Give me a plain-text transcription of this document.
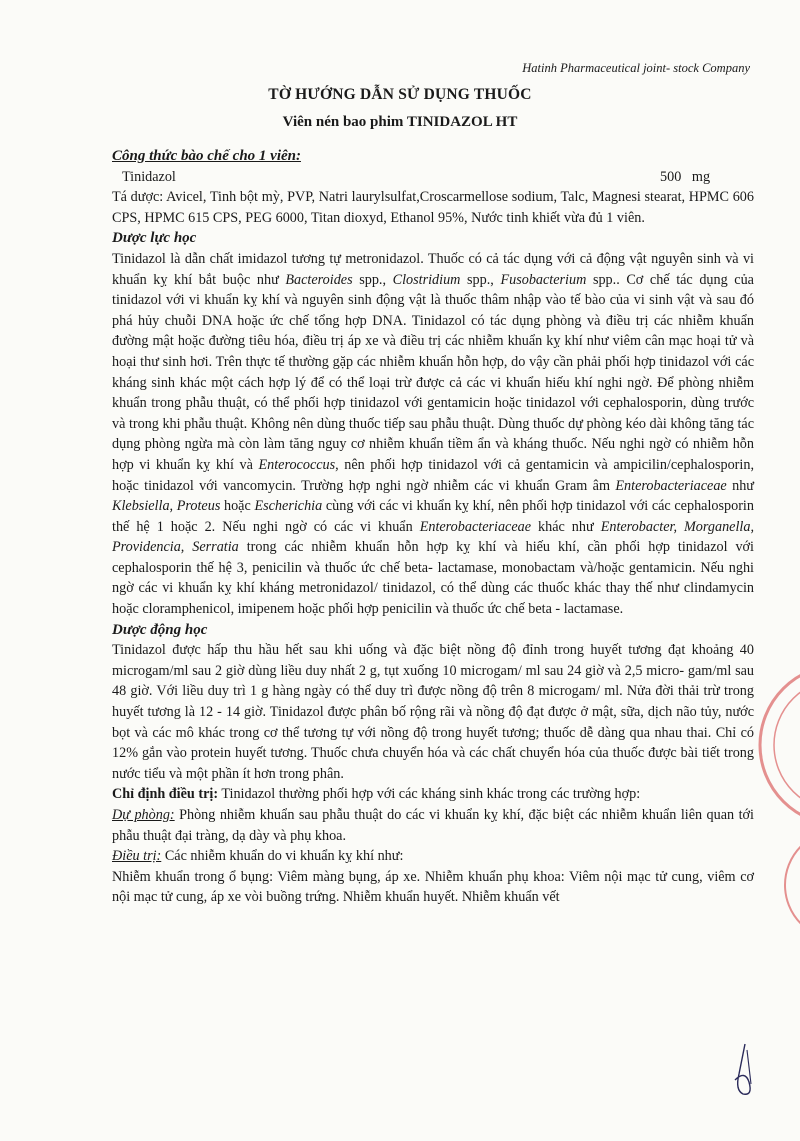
Hatinh Pharmaceutical joint- stock Company
TỜ HƯỚNG DẪN SỬ DỤNG THUỐC
Viên nén bao phim TINIDAZOL HT

Công thức bào chế cho 1 viên:

Tinidazol	500   mg

Tá dược: Avicel, Tinh bột mỳ, PVP, Natri laurylsulfat,Croscarmellose sodium, Talc, Magnesi stearat, HPMC 606 CPS, HPMC 615 CPS, PEG 6000, Titan dioxyd, Ethanol 95%, Nước tinh khiết vừa đủ 1 viên.

Dược lực học

Tinidazol là dẫn chất imidazol tương tự metronidazol. Thuốc có cả tác dụng với cả động vật nguyên sinh và vi khuẩn kỵ khí bắt buộc như Bacteroides spp., Clostridium spp., Fusobacterium spp.. Cơ chế tác dụng của tinidazol với vi khuẩn kỵ khí và nguyên sinh động vật là thuốc thâm nhập vào tế bào của vi sinh vật và sau đó phá hủy chuỗi DNA hoặc ức chế tổng hợp DNA. Tinidazol có tác dụng phòng và điều trị các nhiễm khuẩn đường mật hoặc đường tiêu hóa, điều trị áp xe và điều trị các nhiễm khuẩn kỵ khí như viêm cân mạc hoại tử và hoại thư sinh hơi. Trên thực tế thường gặp các nhiễm khuẩn hỗn hợp, do vậy cần phải phối hợp tinidazol với các kháng sinh khác một cách hợp lý để có thể loại trừ được cả các vi khuẩn hiếu khí nghi ngờ. Để phòng nhiễm khuẩn trong phẫu thuật, có thể phối hợp tinidazol với gentamicin hoặc tinidazol với cephalosporin, dùng trước và trong khi phẫu thuật. Không nên dùng thuốc tiếp sau phẫu thuật. Dùng thuốc dự phòng kéo dài không tăng tác dụng phòng ngừa mà còn làm tăng nguy cơ nhiễm khuẩn tiềm ẩn và kháng thuốc. Nếu nghi ngờ có nhiễm hỗn hợp vi khuẩn kỵ khí và Enterococcus, nên phối hợp tinidazol với cả gentamicin và ampicilin/cephalosporin, hoặc tinidazol với vancomycin. Trường hợp nghi ngờ nhiễm các vi khuẩn Gram âm Enterobacteriaceae như Klebsiella, Proteus hoặc Escherichia cùng với các vi khuẩn kỵ khí, nên phối hợp tinidazol với các cephalosporin thế hệ 1 hoặc 2. Nếu nghi ngờ có các vi khuẩn Enterobacteriaceae khác như Enterobacter, Morganella, Providencia, Serratia trong các nhiễm khuẩn hỗn hợp kỵ khí và hiếu khí, cần phối hợp tinidazol với cephalosporin thế hệ 3, penicilin và thuốc ức chế beta- lactamase, monobactam và/hoặc gentamicin. Nếu nghi ngờ các vi khuẩn kỵ khí kháng metronidazol/ tinidazol, có thể dùng các thuốc khác thay thế như clindamycin hoặc cloramphenicol, imipenem hoặc phối hợp penicilin và thuốc ức chế beta - lactamase.

Dược động học

Tinidazol được hấp thu hầu hết sau khi uống và đặc biệt nồng độ đỉnh trong huyết tương đạt khoảng 40 microgam/ml sau 2 giờ dùng liều duy nhất 2 g, tụt xuống 10 microgam/ ml sau 24 giờ và 2,5 micro- gam/ml sau 48 giờ. Với liều duy trì 1 g hàng ngày có thể duy trì được nồng độ trên 8 microgam/ ml. Nửa đời thải trừ trong huyết tương là 12 - 14 giờ. Tinidazol được phân bố rộng rãi và nồng độ đạt được ở mật, sữa, dịch não tủy, nước bọt và các mô khác trong cơ thể tương tự với nồng độ trong huyết tương; thuốc dễ dàng qua nhau thai. Chỉ có 12% gắn vào protein huyết tương. Thuốc chưa chuyển hóa và các chất chuyển hóa của thuốc được bài tiết trong nước tiểu và một phần ít hơn trong phân.

Chỉ định điều trị: Tinidazol thường phối hợp với các kháng sinh khác trong các trường hợp:

Dự phòng: Phòng nhiễm khuẩn sau phẫu thuật do các vi khuẩn kỵ khí, đặc biệt các nhiễm khuẩn liên quan tới phẫu thuật đại tràng, dạ dày và phụ khoa.

Điều trị: Các nhiễm khuẩn do vi khuẩn kỵ khí như:

Nhiễm khuẩn trong ổ bụng: Viêm màng bụng, áp xe. Nhiễm khuẩn phụ khoa: Viêm nội mạc tử cung, viêm cơ nội mạc tử cung, áp xe vòi buồng trứng. Nhiễm khuẩn huyết. Nhiễm khuẩn vết
